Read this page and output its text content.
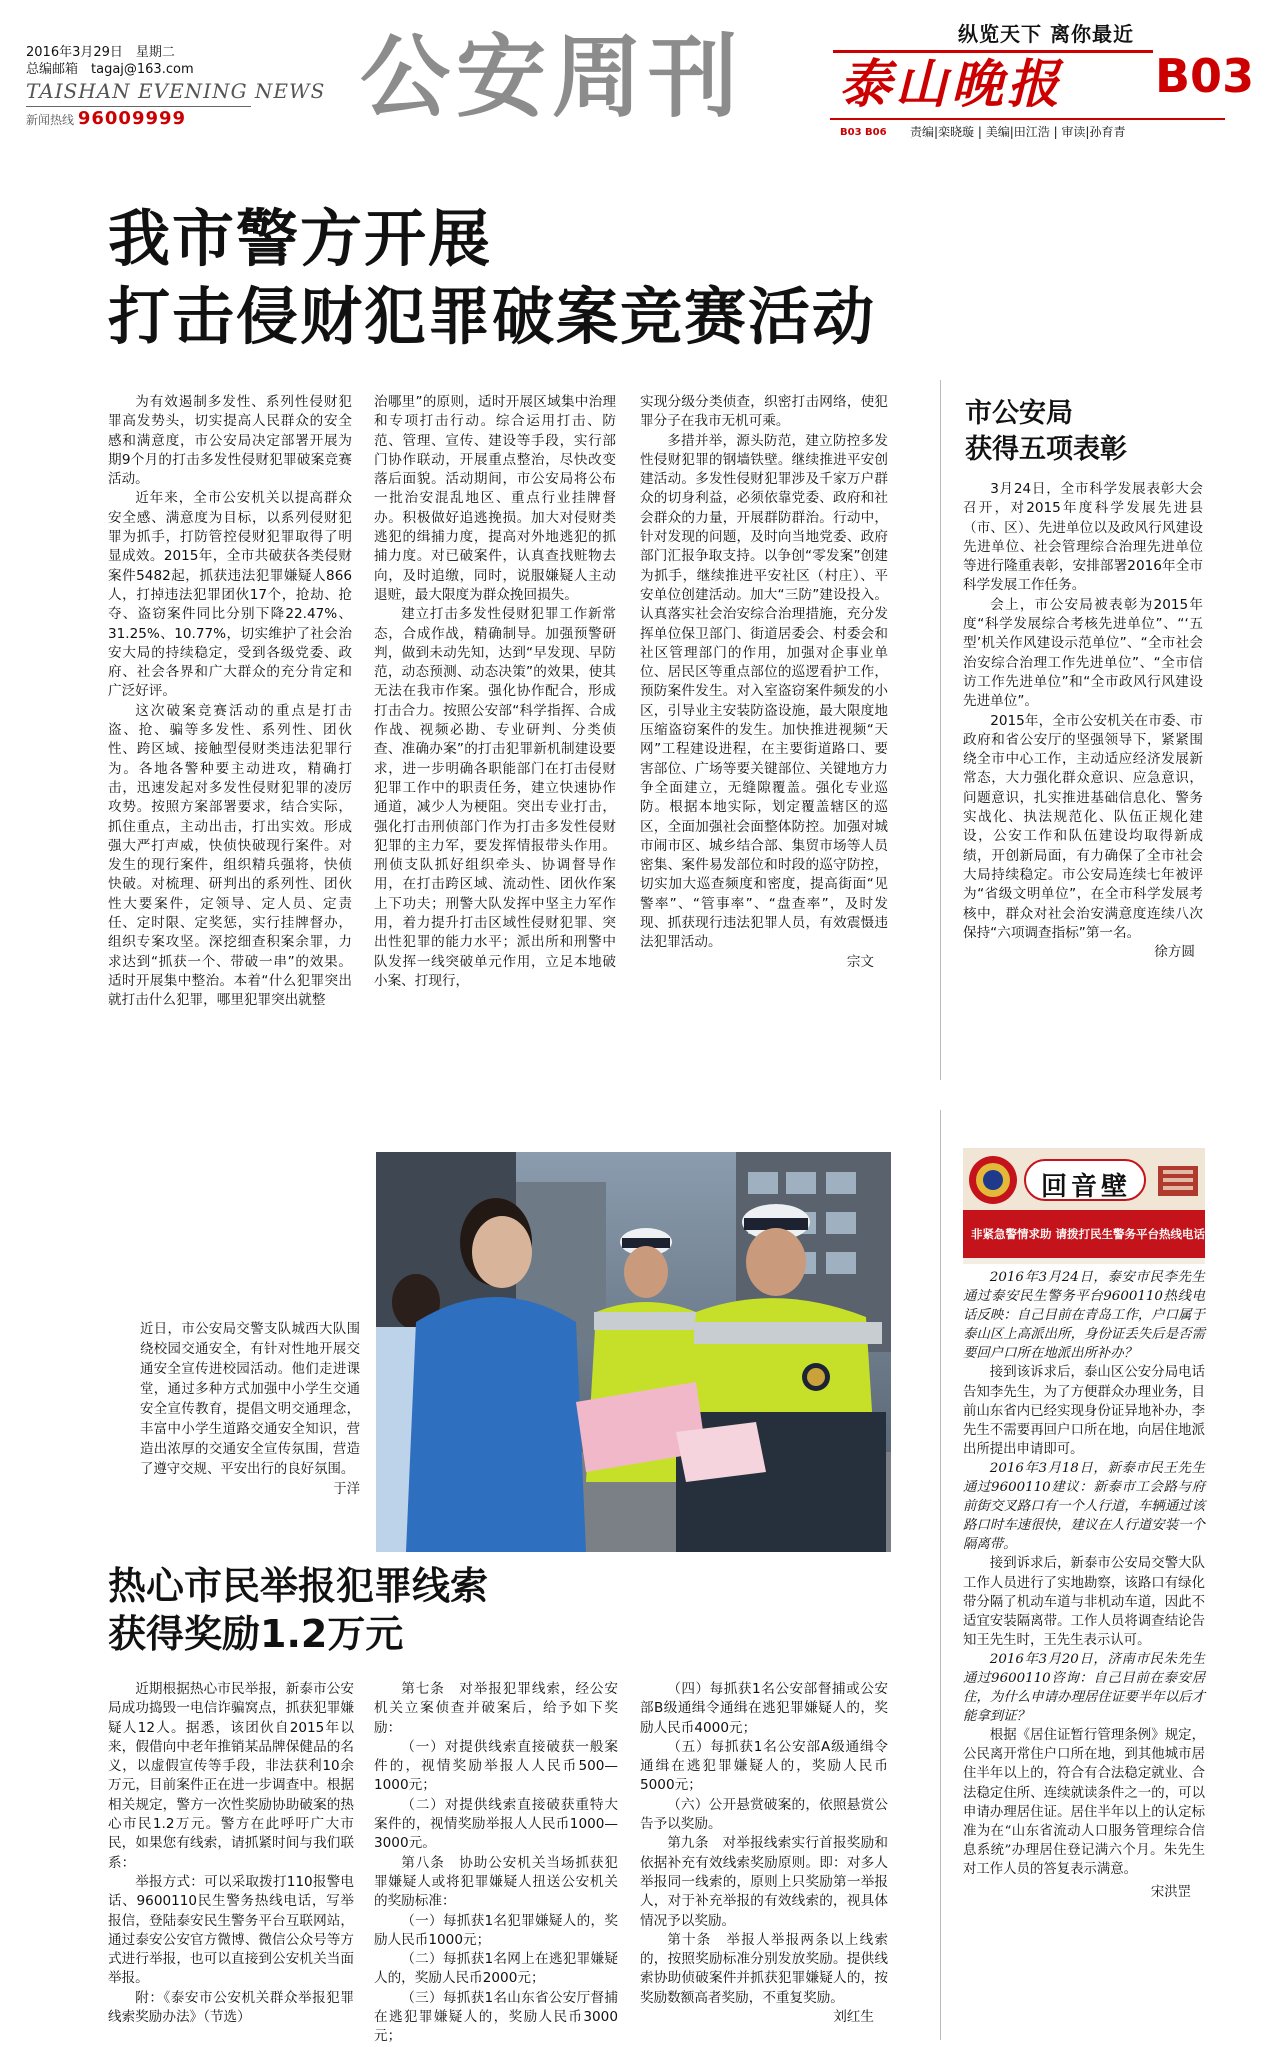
2016年3月29日　星期二
总编邮箱　tagaj@163.com
TAISHAN EVENING NEWS
新闻热线 96009999 公安周刊	纵览天下 离你最近
泰山晚报 B03
B03 B06 责编|栾晓璇 | 美编|田江浩 | 审读|孙育青
我市警方开展
打击侵财犯罪破案竞赛活动

为有效遏制多发性、系列性侵财犯罪高发势头，切实提高人民群众的安全感和满意度，市公安局决定部署开展为期9个月的打击多发性侵财犯罪破案竞赛活动。

近年来，全市公安机关以提高群众安全感、满意度为目标，以系列侵财犯罪为抓手，打防管控侵财犯罪取得了明显成效。2015年，全市共破获各类侵财案件5482起，抓获违法犯罪嫌疑人866人，打掉违法犯罪团伙17个，抢劫、抢夺、盗窃案件同比分别下降22.47%、31.25%、10.77%，切实维护了社会治安大局的持续稳定，受到各级党委、政府、社会各界和广大群众的充分肯定和广泛好评。

这次破案竞赛活动的重点是打击盗、抢、骗等多发性、系列性、团伙性、跨区域、接触型侵财类违法犯罪行为。各地各警种要主动进攻，精确打击，迅速发起对多发性侵财犯罪的凌厉攻势。按照方案部署要求，结合实际，抓住重点，主动出击，打出实效。形成强大严打声威，快侦快破现行案件。对发生的现行案件，组织精兵强将，快侦快破。对梳理、研判出的系列性、团伙性大要案件，定领导、定人员、定责任、定时限、定奖惩，实行挂牌督办，组织专案攻坚。深挖细查积案余罪，力求达到“抓获一个、带破一串”的效果。适时开展集中整治。本着“什么犯罪突出就打击什么犯罪，哪里犯罪突出就整

治哪里”的原则，适时开展区域集中治理和专项打击行动。综合运用打击、防范、管理、宣传、建设等手段，实行部门协作联动，开展重点整治，尽快改变落后面貌。活动期间，市公安局将公布一批治安混乱地区、重点行业挂牌督办。积极做好追逃挽损。加大对侵财类逃犯的缉捕力度，提高对外地逃犯的抓捕力度。对已破案件，认真查找赃物去向，及时追缴，同时，说服嫌疑人主动退赃，最大限度为群众挽回损失。

建立打击多发性侵财犯罪工作新常态，合成作战，精确制导。加强预警研判，做到未动先知，达到“早发现、早防范，动态预测、动态决策”的效果，使其无法在我市作案。强化协作配合，形成打击合力。按照公安部“科学指挥、合成作战、视频必勘、专业研判、分类侦查、准确办案”的打击犯罪新机制建设要求，进一步明确各职能部门在打击侵财犯罪工作中的职责任务，建立快速协作通道，减少人为梗阻。突出专业打击，强化打击刑侦部门作为打击多发性侵财犯罪的主力军，要发挥情报带头作用。刑侦支队抓好组织牵头、协调督导作用，在打击跨区域、流动性、团伙作案上下功夫；刑警大队发挥中坚主力军作用，着力提升打击区域性侵财犯罪、突出性犯罪的能力水平；派出所和刑警中队发挥一线突破单元作用，立足本地破小案、打现行，

实现分级分类侦查，织密打击网络，使犯罪分子在我市无机可乘。

多措并举，源头防范，建立防控多发性侵财犯罪的钢墙铁壁。继续推进平安创建活动。多发性侵财犯罪涉及千家万户群众的切身利益，必须依靠党委、政府和社会群众的力量，开展群防群治。行动中，针对发现的问题，及时向当地党委、政府部门汇报争取支持。以争创“零发案”创建为抓手，继续推进平安社区（村庄）、平安单位创建活动。加大“三防”建设投入。认真落实社会治安综合治理措施，充分发挥单位保卫部门、街道居委会、村委会和社区管理部门的作用，加强对企事业单位、居民区等重点部位的巡逻看护工作，预防案件发生。对入室盗窃案件频发的小区，引导业主安装防盗设施，最大限度地压缩盗窃案件的发生。加快推进视频“天网”工程建设进程，在主要街道路口、要害部位、广场等要关键部位、关键地方力争全面建立，无缝隙覆盖。强化专业巡防。根据本地实际，划定覆盖辖区的巡区，全面加强社会面整体防控。加强对城市闹市区、城乡结合部、集贸市场等人员密集、案件易发部位和时段的巡守防控，切实加大巡查频度和密度，提高街面“见警率”、“管事率”、“盘查率”，及时发现、抓获现行违法犯罪人员，有效震慑违法犯罪活动。

宗文

市公安局
获得五项表彰

3月24日，全市科学发展表彰大会召开，对2015年度科学发展先进县（市、区）、先进单位以及政风行风建设先进单位、社会管理综合治理先进单位等进行隆重表彰，安排部署2016年全市科学发展工作任务。

会上，市公安局被表彰为2015年度“科学发展综合考核先进单位”、“‘五型’机关作风建设示范单位”、“全市社会治安综合治理工作先进单位”、“全市信访工作先进单位”和“全市政风行风建设先进单位”。

2015年，全市公安机关在市委、市政府和省公安厅的坚强领导下，紧紧围绕全市中心工作，主动适应经济发展新常态，大力强化群众意识、应急意识，问题意识，扎实推进基础信息化、警务实战化、执法规范化、队伍正规化建设，公安工作和队伍建设均取得新成绩，开创新局面，有力确保了全市社会大局持续稳定。市公安局连续七年被评为“省级文明单位”，在全市科学发展考核中，群众对社会治安满意度连续八次保持“六项调查指标”第一名。

徐方圆

近日，市公安局交警支队城西大队围绕校园交通安全，有针对性地开展交通安全宣传进校园活动。他们走进课堂，通过多种方式加强中小学生交通安全宣传教育，提倡文明交通理念，丰富中小学生道路交通安全知识，营造出浓厚的交通安全宣传氛围，营造了遵守交规、平安出行的良好氛围。
于洋
热心市民举报犯罪线索
获得奖励1.2万元

近期根据热心市民举报，新泰市公安局成功捣毁一电信诈骗窝点，抓获犯罪嫌疑人12人。据悉，该团伙自2015年以来，假借向中老年推销某品牌保健品的名义，以虚假宣传等手段，非法获利10余万元，目前案件正在进一步调查中。根据相关规定，警方一次性奖励协助破案的热心市民1.2万元。警方在此呼吁广大市民，如果您有线索，请抓紧时间与我们联系：

举报方式：可以采取拨打110报警电话、9600110民生警务热线电话，写举报信，登陆泰安民生警务平台互联网站，通过泰安公安官方微博、微信公众号等方式进行举报，也可以直接到公安机关当面举报。

附：《泰安市公安机关群众举报犯罪线索奖励办法》（节选）

第七条　对举报犯罪线索，经公安机关立案侦查并破案后，给予如下奖励：

（一）对提供线索直接破获一般案件的，视情奖励举报人人民币500—1000元；

（二）对提供线索直接破获重特大案件的，视情奖励举报人人民币1000—3000元。

第八条　协助公安机关当场抓获犯罪嫌疑人或将犯罪嫌疑人扭送公安机关的奖励标准：

（一）每抓获1名犯罪嫌疑人的，奖励人民币1000元；

（二）每抓获1名网上在逃犯罪嫌疑人的，奖励人民币2000元；

（三）每抓获1名山东省公安厅督捕在逃犯罪嫌疑人的，奖励人民币3000元；

（四）每抓获1名公安部督捕或公安部B级通缉令通缉在逃犯罪嫌疑人的，奖励人民币4000元；

（五）每抓获1名公安部A级通缉令通缉在逃犯罪嫌疑人的，奖励人民币5000元；

（六）公开悬赏破案的，依照悬赏公告予以奖励。

第九条　对举报线索实行首报奖励和依据补充有效线索奖励原则。即：对多人举报同一线索的，原则上只奖励第一举报人，对于补充举报的有效线索的，视具体情况予以奖励。

第十条　举报人举报两条以上线索的，按照奖励标准分别发放奖励。提供线索协助侦破案件并抓获犯罪嫌疑人的，按奖励数额高者奖励，不重复奖励。

刘红生

回音壁
非紧急警情求助 请拨打民生警务平台热线电话 9600110

2016年3月24日，泰安市民李先生通过泰安民生警务平台9600110热线电话反映：自己目前在青岛工作，户口属于泰山区上高派出所，身份证丢失后是否需要回户口所在地派出所补办？

接到该诉求后，泰山区公安分局电话告知李先生，为了方便群众办理业务，目前山东省内已经实现身份证异地补办，李先生不需要再回户口所在地，向居住地派出所提出申请即可。

2016年3月18日，新泰市民王先生通过9600110建议：新泰市工会路与府前街交叉路口有一个人行道，车辆通过该路口时车速很快，建议在人行道安装一个隔离带。

接到诉求后，新泰市公安局交警大队工作人员进行了实地勘察，该路口有绿化带分隔了机动车道与非机动车道，因此不适宜安装隔离带。工作人员将调查结论告知王先生时，王先生表示认可。

2016年3月20日，济南市民朱先生通过9600110咨询：自己目前在泰安居住，为什么申请办理居住证要半年以后才能拿到证？

根据《居住证暂行管理条例》规定，公民离开常住户口所在地，到其他城市居住半年以上的，符合有合法稳定就业、合法稳定住所、连续就读条件之一的，可以申请办理居住证。居住半年以上的认定标准为在“山东省流动人口服务管理综合信息系统”办理居住登记满六个月。朱先生对工作人员的答复表示满意。

宋洪罡
